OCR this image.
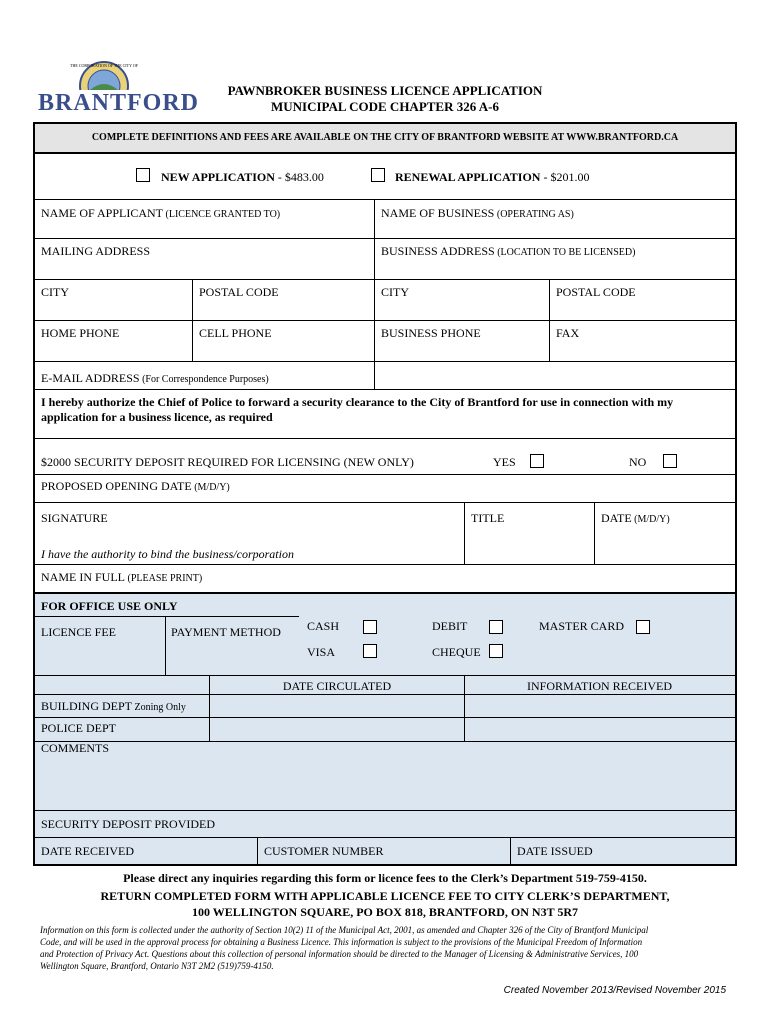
BRANTFORD
THE CORPORATION OF THE CITY OF
PAWNBROKER BUSINESS LICENCE APPLICATION
MUNICIPAL CODE CHAPTER 326 A-6
COMPLETE DEFINITIONS AND FEES ARE AVAILABLE ON THE CITY OF BRANTFORD WEBSITE AT WWW.BRANTFORD.CA
NEW APPLICATION - $483.00	RENEWAL APPLICATION - $201.00
NAME OF APPLICANT (LICENCE GRANTED TO)	NAME OF BUSINESS (OPERATING AS)
MAILING ADDRESS	BUSINESS ADDRESS (LOCATION TO BE LICENSED)
CITY	POSTAL CODE	CITY	POSTAL CODE
HOME PHONE	CELL PHONE	BUSINESS PHONE	FAX
E-MAIL ADDRESS (For Correspondence Purposes)
I hereby authorize the Chief of Police to forward a security clearance to the City of Brantford for use in connection with my
application for a business licence, as required
$2000 SECURITY DEPOSIT REQUIRED FOR LICENSING (NEW ONLY)	YES	NO
PROPOSED OPENING DATE (M/D/Y)
SIGNATURE	TITLE	DATE (M/D/Y)
I have the authority to bind the business/corporation
NAME IN FULL (PLEASE PRINT)
FOR OFFICE USE ONLY
LICENCE FEE	PAYMENT METHOD CASH	DEBIT	MASTER CARD
VISA	CHEQUE
DATE CIRCULATED	INFORMATION RECEIVED
BUILDING DEPT Zoning Only
POLICE DEPT
COMMENTS
SECURITY DEPOSIT PROVIDED
DATE RECEIVED	CUSTOMER NUMBER	DATE ISSUED
Please direct any inquiries regarding this form or licence fees to the Clerk’s Department 519-759-4150.
RETURN COMPLETED FORM WITH APPLICABLE LICENCE FEE TO CITY CLERK’S DEPARTMENT,
100 WELLINGTON SQUARE, PO BOX 818, BRANTFORD, ON N3T 5R7
Information on this form is collected under the authority of Section 10(2) 11 of the Municipal Act, 2001, as amended and Chapter 326 of the City of Brantford Municipal
Code, and will be used in the approval process for obtaining a Business Licence. This information is subject to the provisions of the Municipal Freedom of Information
and Protection of Privacy Act. Questions about this collection of personal information should be directed to the Manager of Licensing & Administrative Services, 100
Wellington Square, Brantford, Ontario N3T 2M2 (519)759-4150.
Created November 2013/Revised November 2015
